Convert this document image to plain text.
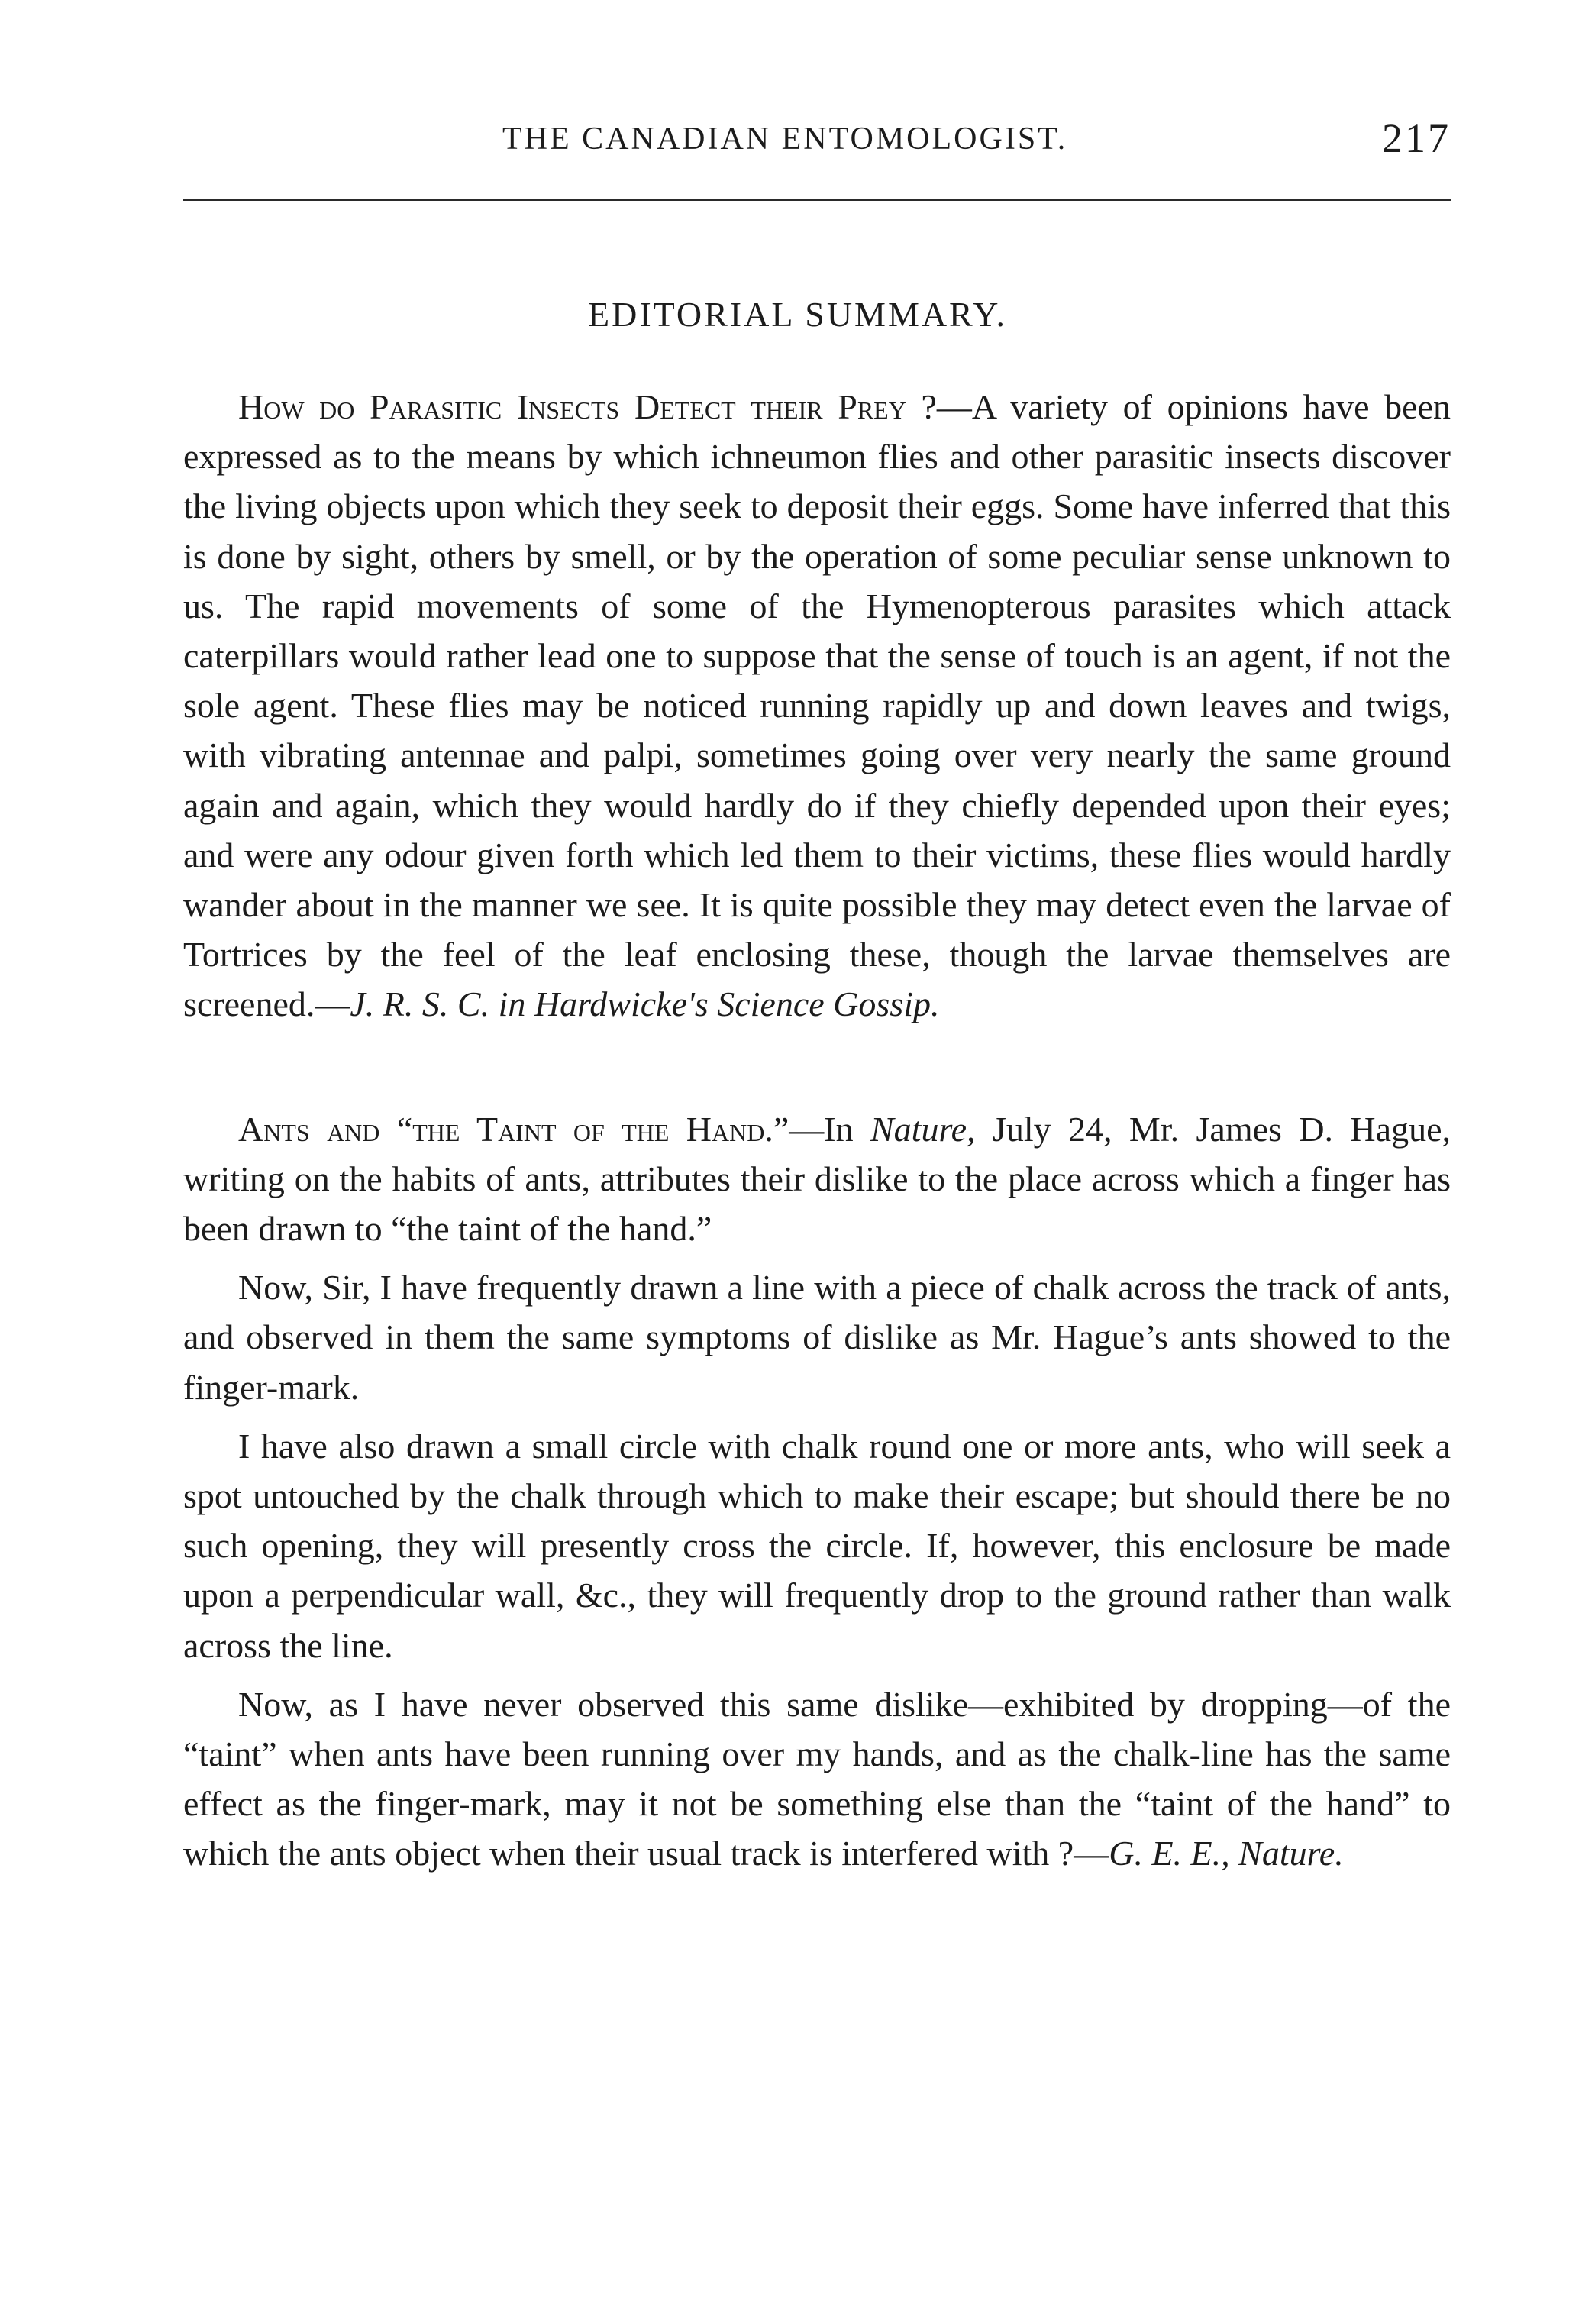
THE CANADIAN ENTOMOLOGIST.	217
EDITORIAL SUMMARY.

How do Parasitic Insects Detect their Prey ?—A variety of opinions have been expressed as to the means by which ichneumon flies and other parasitic insects discover the living objects upon which they seek to deposit their eggs. Some have inferred that this is done by sight, others by smell, or by the operation of some peculiar sense unknown to us. The rapid movements of some of the Hymenopterous parasites which attack caterpillars would rather lead one to suppose that the sense of touch is an agent, if not the sole agent. These flies may be noticed running rapidly up and down leaves and twigs, with vibrating antennae and palpi, sometimes going over very nearly the same ground again and again, which they would hardly do if they chiefly depended upon their eyes; and were any odour given forth which led them to their victims, these flies would hardly wander about in the manner we see. It is quite possible they may detect even the larvae of Tortrices by the feel of the leaf enclosing these, though the larvae themselves are screened.—J. R. S. C. in Hardwicke's Science Gossip.

Ants and “the Taint of the Hand.”—In Nature, July 24, Mr. James D. Hague, writing on the habits of ants, attributes their dislike to the place across which a finger has been drawn to “the taint of the hand.”

Now, Sir, I have frequently drawn a line with a piece of chalk across the track of ants, and observed in them the same symptoms of dislike as Mr. Hague’s ants showed to the finger-mark.

I have also drawn a small circle with chalk round one or more ants, who will seek a spot untouched by the chalk through which to make their escape; but should there be no such opening, they will presently cross the circle. If, however, this enclosure be made upon a perpendicular wall, &c., they will frequently drop to the ground rather than walk across the line.

Now, as I have never observed this same dislike—exhibited by dropping—of the “taint” when ants have been running over my hands, and as the chalk-line has the same effect as the finger-mark, may it not be something else than the “taint of the hand” to which the ants object when their usual track is interfered with ?—G. E. E., Nature.
